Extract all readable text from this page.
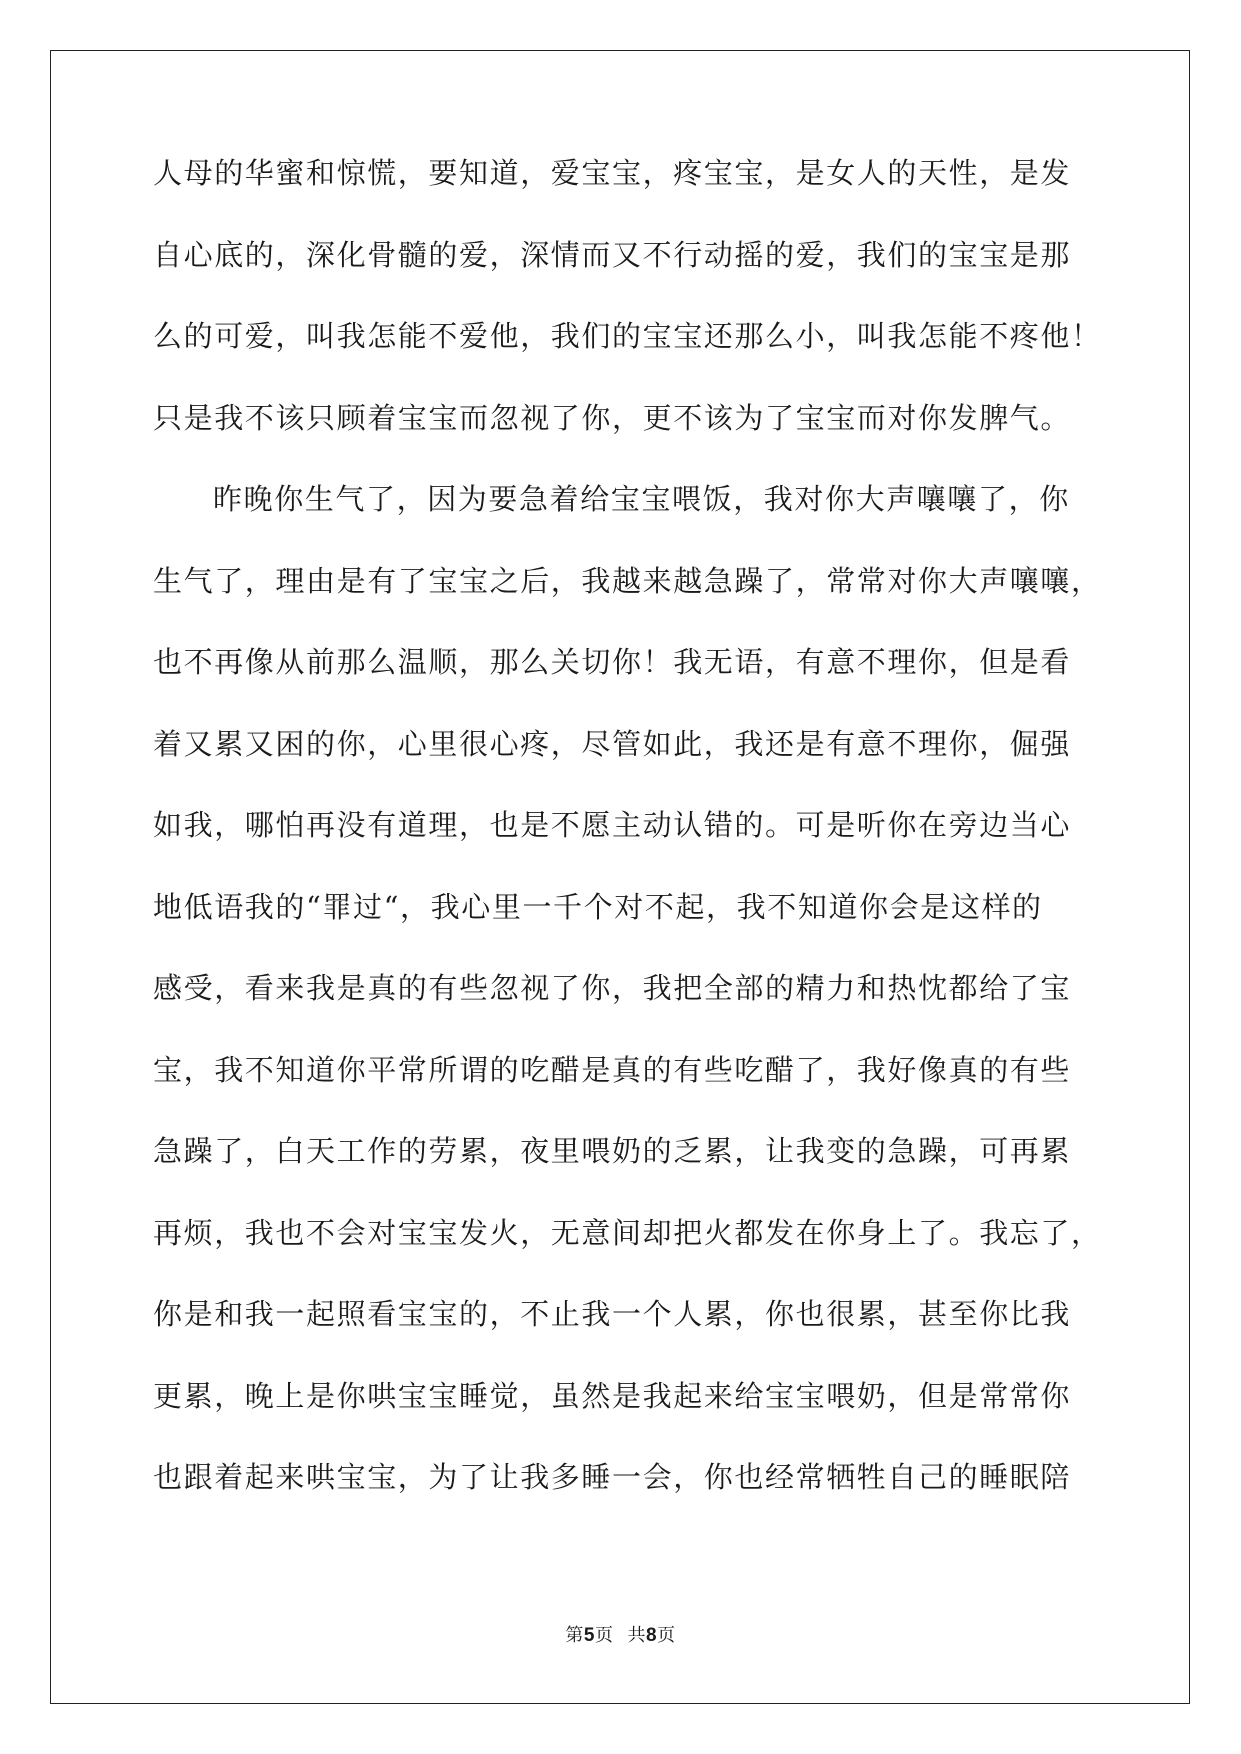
人母的华蜜和惊慌，要知道，爱宝宝，疼宝宝，是女人的天性，是发
自心底的，深化骨髓的爱，深情而又不行动摇的爱，我们的宝宝是那
么的可爱，叫我怎能不爱他，我们的宝宝还那么小，叫我怎能不疼他！
只是我不该只顾着宝宝而忽视了你，更不该为了宝宝而对你发脾气。
昨晚你生气了，因为要急着给宝宝喂饭，我对你大声嚷嚷了，你
生气了，理由是有了宝宝之后，我越来越急躁了，常常对你大声嚷嚷，
也不再像从前那么温顺，那么关切你！我无语，有意不理你，但是看
着又累又困的你，心里很心疼，尽管如此，我还是有意不理你，倔强
如我，哪怕再没有道理，也是不愿主动认错的。可是听你在旁边当心
地低语我的“罪过“，我心里一千个对不起，我不知道你会是这样的
感受，看来我是真的有些忽视了你，我把全部的精力和热忱都给了宝
宝，我不知道你平常所谓的吃醋是真的有些吃醋了，我好像真的有些
急躁了，白天工作的劳累，夜里喂奶的乏累，让我变的急躁，可再累
再烦，我也不会对宝宝发火，无意间却把火都发在你身上了。我忘了，
你是和我一起照看宝宝的，不止我一个人累，你也很累，甚至你比我
更累，晚上是你哄宝宝睡觉，虽然是我起来给宝宝喂奶，但是常常你
也跟着起来哄宝宝，为了让我多睡一会，你也经常牺牲自己的睡眠陪
第5页 共8页
